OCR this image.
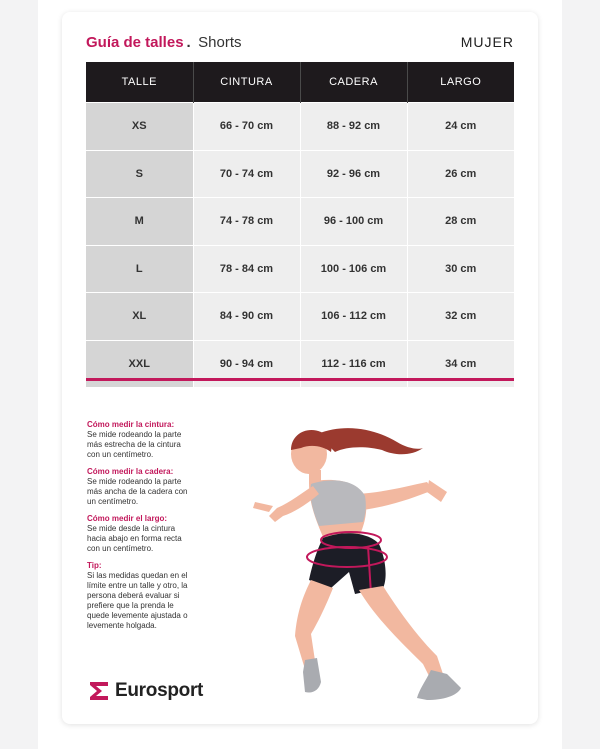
Guía de talles . Shorts	MUJER
TALLE	CINTURA	CADERA	LARGO
XS	66 - 70 cm	88 - 92 cm	24 cm
S	70 - 74 cm	92 - 96 cm	26 cm
M	74 - 78 cm	96 - 100 cm	28 cm
L	78 - 84 cm	100 - 106 cm	30 cm
XL	84 - 90 cm	106 - 112 cm	32 cm
XXL	90 - 94 cm	112 - 116 cm	34 cm
Cómo medir la cintura:
Se mide rodeando la parte
más estrecha de la cintura
con un centímetro.
Cómo medir la cadera:
Se mide rodeando la parte
más ancha de la cadera con
un centímetro.
Cómo medir el largo:
Se mide desde la cintura
hacia abajo en forma recta
con un centímetro.
Tip:
Si las medidas quedan en el
límite entre un talle y otro, la
persona deberá evaluar si
prefiere que la prenda le
quede levemente ajustada o
levemente holgada.
Eurosport
